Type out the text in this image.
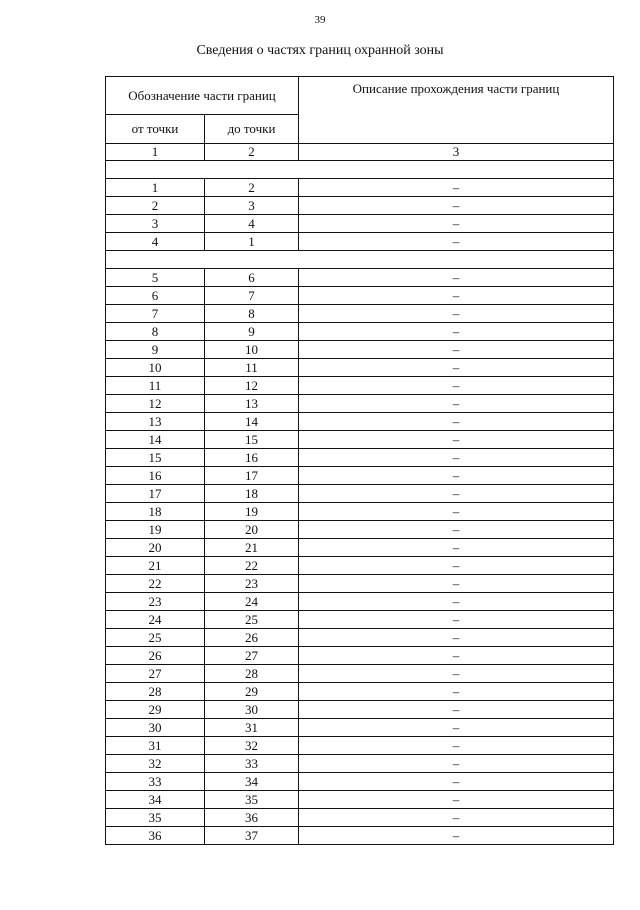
39
Сведения о частях границ охранной зоны
Обозначение части границ		Описание прохождения части границ
от точки	до точки	
1	2	3

1	2	–
2	3	–
3	4	–
4	1	–

5	6	–
6	7	–
7	8	–
8	9	–
9	10	–
10	11	–
11	12	–
12	13	–
13	14	–
14	15	–
15	16	–
16	17	–
17	18	–
18	19	–
19	20	–
20	21	–
21	22	–
22	23	–
23	24	–
24	25	–
25	26	–
26	27	–
27	28	–
28	29	–
29	30	–
30	31	–
31	32	–
32	33	–
33	34	–
34	35	–
35	36	–
36	37	–
